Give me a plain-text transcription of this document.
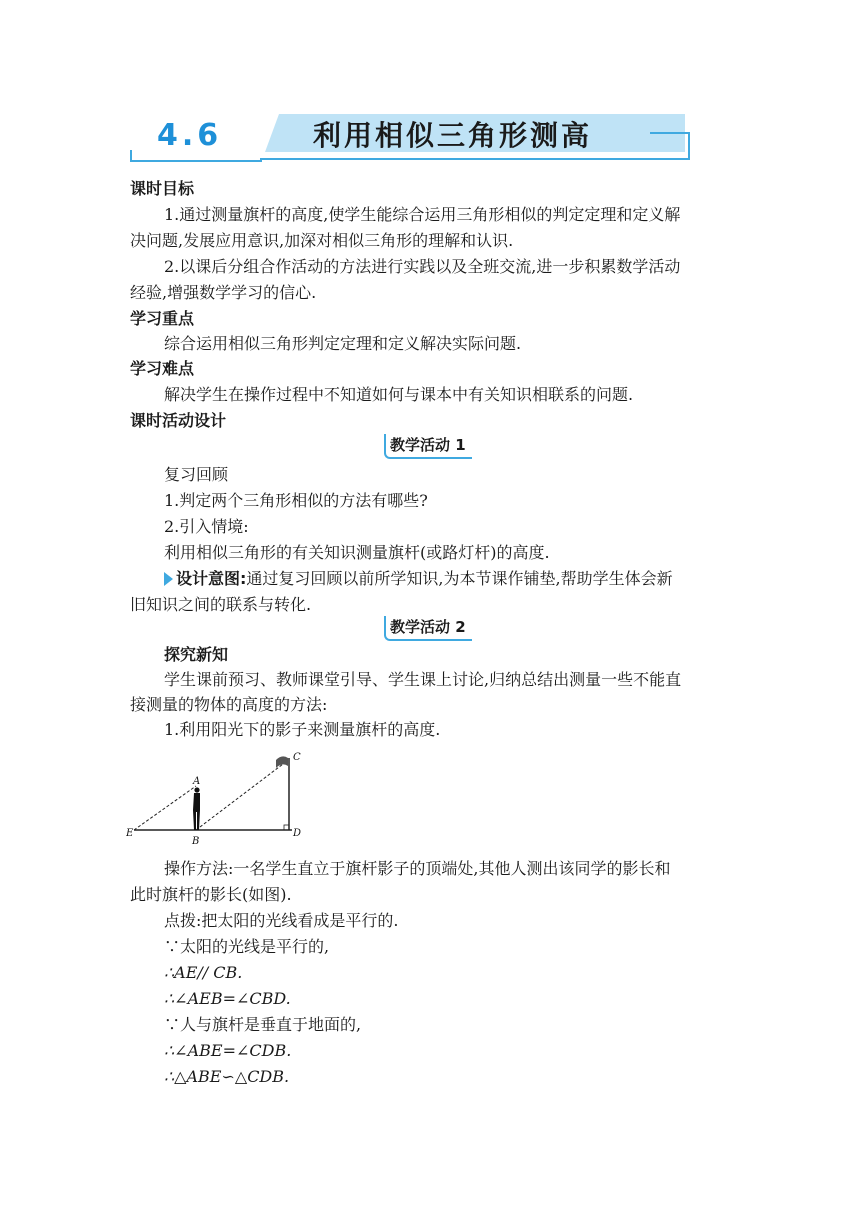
4.6	利用相似三角形测高
课时目标
1.通过测量旗杆的高度,使学生能综合运用三角形相似的判定定理和定义解
决问题,发展应用意识,加深对相似三角形的理解和认识.
2.以课后分组合作活动的方法进行实践以及全班交流,进一步积累数学活动
经验,增强数学学习的信心.
学习重点
综合运用相似三角形判定定理和定义解决实际问题.
学习难点
解决学生在操作过程中不知道如何与课本中有关知识相联系的问题.
课时活动设计
教学活动 1
复习回顾
1.判定两个三角形相似的方法有哪些?
2.引入情境:
利用相似三角形的有关知识测量旗杆(或路灯杆)的高度.
设计意图:通过复习回顾以前所学知识,为本节课作铺垫,帮助学生体会新
旧知识之间的联系与转化.
教学活动 2
探究新知
学生课前预习、教师课堂引导、学生课上讨论,归纳总结出测量一些不能直
接测量的物体的高度的方法:
1.利用阳光下的影子来测量旗杆的高度.
A
B
C
D
E
操作方法:一名学生直立于旗杆影子的顶端处,其他人测出该同学的影长和
此时旗杆的影长(如图).
点拨:把太阳的光线看成是平行的.
∵太阳的光线是平行的,
∴AE// CB.
∴∠AEB=∠CBD.
∵人与旗杆是垂直于地面的,
∴∠ABE=∠CDB.
∴△ABE∽△CDB.
